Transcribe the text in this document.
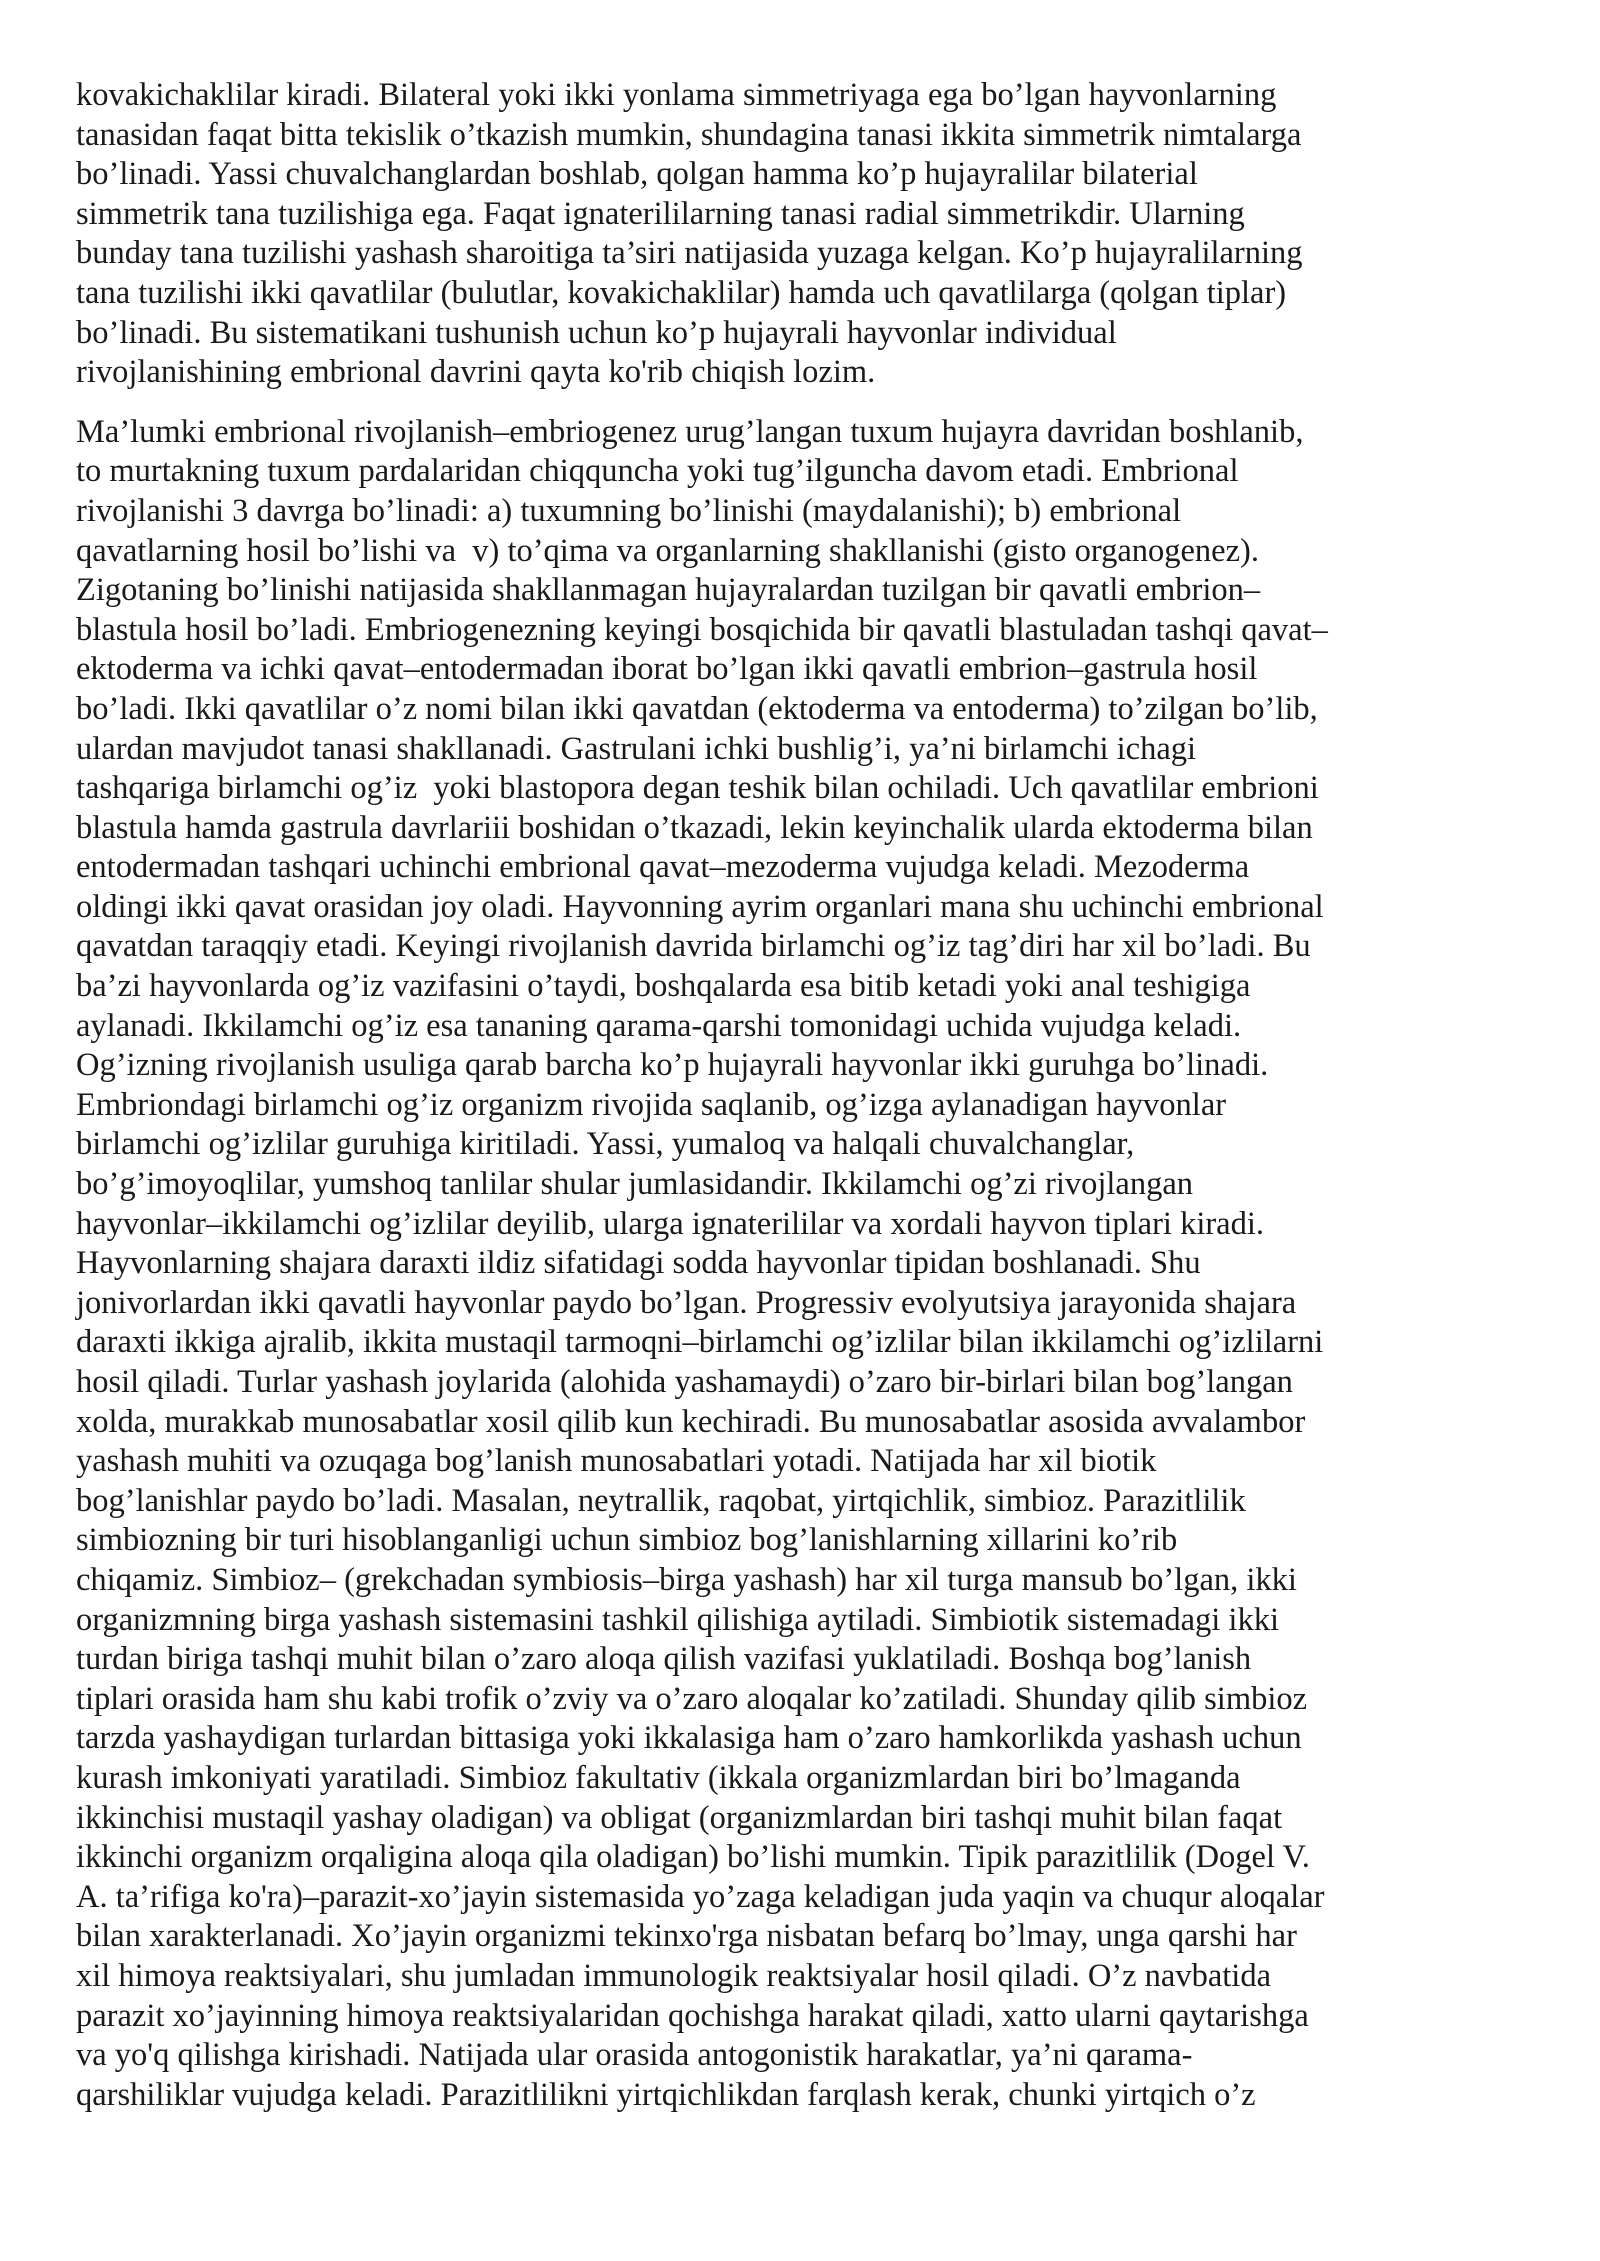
kovakichaklilar kiradi. Bilateral yoki ikki yonlama simmetriyaga ega bo’lgan hayvonlarning
tanasidan faqat bitta tekislik o’tkazish mumkin, shundagina tanasi ikkita simmetrik nimtalarga
bo’linadi. Yassi chuvalchanglardan boshlab, qolgan hamma ko’p hujayralilar bilaterial
simmetrik tana tuzilishiga ega. Faqat ignaterililarning tanasi radial simmetrikdir. Ularning
bunday tana tuzilishi yashash sharoitiga ta’siri natijasida yuzaga kelgan. Ko’p hujayralilarning
tana tuzilishi ikki qavatlilar (bulutlar, kovakichaklilar) hamda uch qavatlilarga (qolgan tiplar)
bo’linadi. Bu sistematikani tushunish uchun ko’p hujayrali hayvonlar individual
rivojlanishining embrional davrini qayta ko'rib chiqish lozim.
Ma’lumki embrional rivojlanish–embriogenez urug’langan tuxum hujayra davridan boshlanib,
to murtakning tuxum pardalaridan chiqquncha yoki tug’ilguncha davom etadi. Embrional
rivojlanishi 3 davrga bo’linadi: a) tuxumning bo’linishi (maydalanishi); b) embrional
qavatlarning hosil bo’lishi va  v) to’qima va organlarning shakllanishi (gisto organogenez).
Zigotaning bo’linishi natijasida shakllanmagan hujayralardan tuzilgan bir qavatli embrion–
blastula hosil bo’ladi. Embriogenezning keyingi bosqichida bir qavatli blastuladan tashqi qavat–
ektoderma va ichki qavat–entodermadan iborat bo’lgan ikki qavatli embrion–gastrula hosil
bo’ladi. Ikki qavatlilar o’z nomi bilan ikki qavatdan (ektoderma va entoderma) to’zilgan bo’lib,
ulardan mavjudot tanasi shakllanadi. Gastrulani ichki bushlig’i, ya’ni birlamchi ichagi
tashqariga birlamchi og’iz  yoki blastopora degan teshik bilan ochiladi. Uch qavatlilar embrioni
blastula hamda gastrula davrlariii boshidan o’tkazadi, lekin keyinchalik ularda ektoderma bilan
entodermadan tashqari uchinchi embrional qavat–mezoderma vujudga keladi. Mezoderma
oldingi ikki qavat orasidan joy oladi. Hayvonning ayrim organlari mana shu uchinchi embrional
qavatdan taraqqiy etadi. Keyingi rivojlanish davrida birlamchi og’iz tag’diri har xil bo’ladi. Bu
ba’zi hayvonlarda og’iz vazifasini o’taydi, boshqalarda esa bitib ketadi yoki anal teshigiga
aylanadi. Ikkilamchi og’iz esa tananing qarama-qarshi tomonidagi uchida vujudga keladi.
Og’izning rivojlanish usuliga qarab barcha ko’p hujayrali hayvonlar ikki guruhga bo’linadi.
Embriondagi birlamchi og’iz organizm rivojida saqlanib, og’izga aylanadigan hayvonlar
birlamchi og’izlilar guruhiga kiritiladi. Yassi, yumaloq va halqali chuvalchanglar,
bo’g’imoyoqlilar, yumshoq tanlilar shular jumlasidandir. Ikkilamchi og’zi rivojlangan
hayvonlar–ikkilamchi og’izlilar deyilib, ularga ignaterililar va xordali hayvon tiplari kiradi.
Hayvonlarning shajara daraxti ildiz sifatidagi sodda hayvonlar tipidan boshlanadi. Shu
jonivorlardan ikki qavatli hayvonlar paydo bo’lgan. Progressiv evolyutsiya jarayonida shajara
daraxti ikkiga ajralib, ikkita mustaqil tarmoqni–birlamchi og’izlilar bilan ikkilamchi og’izlilarni
hosil qiladi. Turlar yashash joylarida (alohida yashamaydi) o’zaro bir-birlari bilan bog’langan
xolda, murakkab munosabatlar xosil qilib kun kechiradi. Bu munosabatlar asosida avvalambor
yashash muhiti va ozuqaga bog’lanish munosabatlari yotadi. Natijada har xil biotik
bog’lanishlar paydo bo’ladi. Masalan, neytrallik, raqobat, yirtqichlik, simbioz. Parazitlilik
simbiozning bir turi hisoblanganligi uchun simbioz bog’lanishlarning xillarini ko’rib
chiqamiz. Simbioz– (grekchadan symbiosis–birga yashash) har xil turga mansub bo’lgan, ikki
organizmning birga yashash sistemasini tashkil qilishiga aytiladi. Simbiotik sistemadagi ikki
turdan biriga tashqi muhit bilan o’zaro aloqa qilish vazifasi yuklatiladi. Boshqa bog’lanish
tiplari orasida ham shu kabi trofik o’zviy va o’zaro aloqalar ko’zatiladi. Shunday qilib simbioz
tarzda yashaydigan turlardan bittasiga yoki ikkalasiga ham o’zaro hamkorlikda yashash uchun
kurash imkoniyati yaratiladi. Simbioz fakultativ (ikkala organizmlardan biri bo’lmaganda
ikkinchisi mustaqil yashay oladigan) va obligat (organizmlardan biri tashqi muhit bilan faqat
ikkinchi organizm orqaligina aloqa qila oladigan) bo’lishi mumkin. Tipik parazitlilik (Dogel V.
A. ta’rifiga ko'ra)–parazit-xo’jayin sistemasida yo’zaga keladigan juda yaqin va chuqur aloqalar
bilan xarakterlanadi. Xo’jayin organizmi tekinxo'rga nisbatan befarq bo’lmay, unga qarshi har
xil himoya reaktsiyalari, shu jumladan immunologik reaktsiyalar hosil qiladi. O’z navbatida
parazit xo’jayinning himoya reaktsiyalaridan qochishga harakat qiladi, xatto ularni qaytarishga
va yo'q qilishga kirishadi. Natijada ular orasida antogonistik harakatlar, ya’ni qarama-
qarshiliklar vujudga keladi. Parazitlilikni yirtqichlikdan farqlash kerak, chunki yirtqich o’z
